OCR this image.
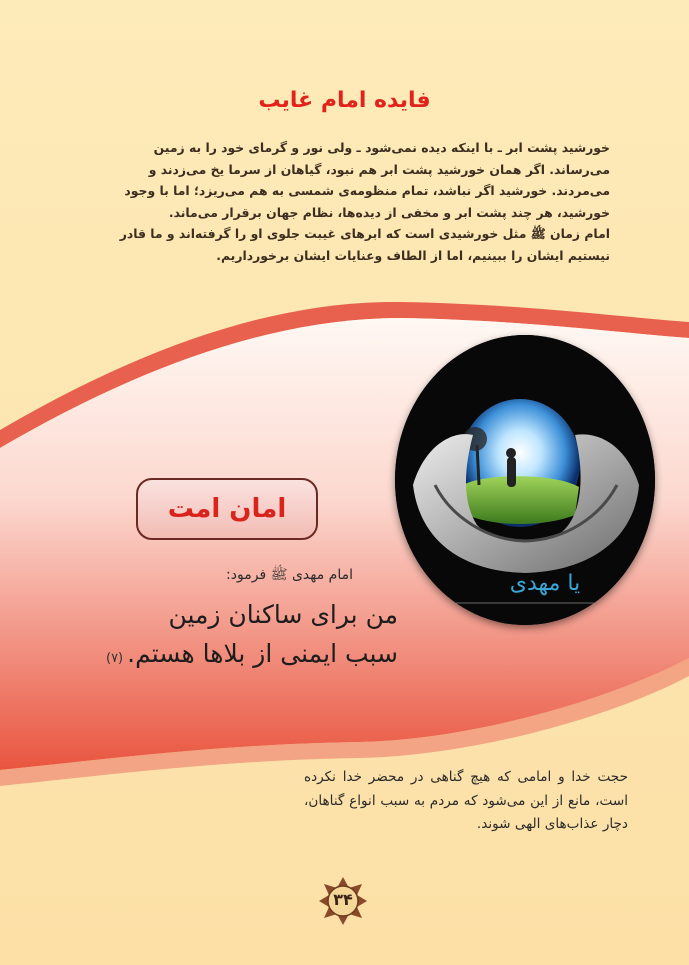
فایده امام غایب

خورشید پشت ابر ـ با اینکه دیده نمی‌شود ـ ولی نور و گرمای خود را به زمین

می‌رساند. اگر همان خورشید پشت ابر هم نبود، گیاهان از سرما یخ می‌زدند و

می‌مردند. خورشید اگر نباشد، تمام منظومه‌ی شمسی به هم می‌ریزد؛ اما با وجود

خورشید، هر چند پشت ابر و مخفی از دیده‌ها، نظام جهان برقرار می‌ماند.

امام زمان ﷺ مثل خورشیدی است که ابرهای غیبت جلوی او را گرفته‌اند و ما قادر

نیستیم ایشان را ببینیم، اما از الطاف وعنایات ایشان برخورداریم.

یا مهدی
امان امت
امام مهدی ﷺ فرمود:
من برای ساکنان زمین
سبب ایمنی از بلاها هستم.(۷)
حجت خدا و امامی که هیچ گناهی در محضر خدا نکرده است، مانع از این می‌شود که مردم به سبب انواع گناهان، دچار عذاب‌های الهی شوند.
۳۴
